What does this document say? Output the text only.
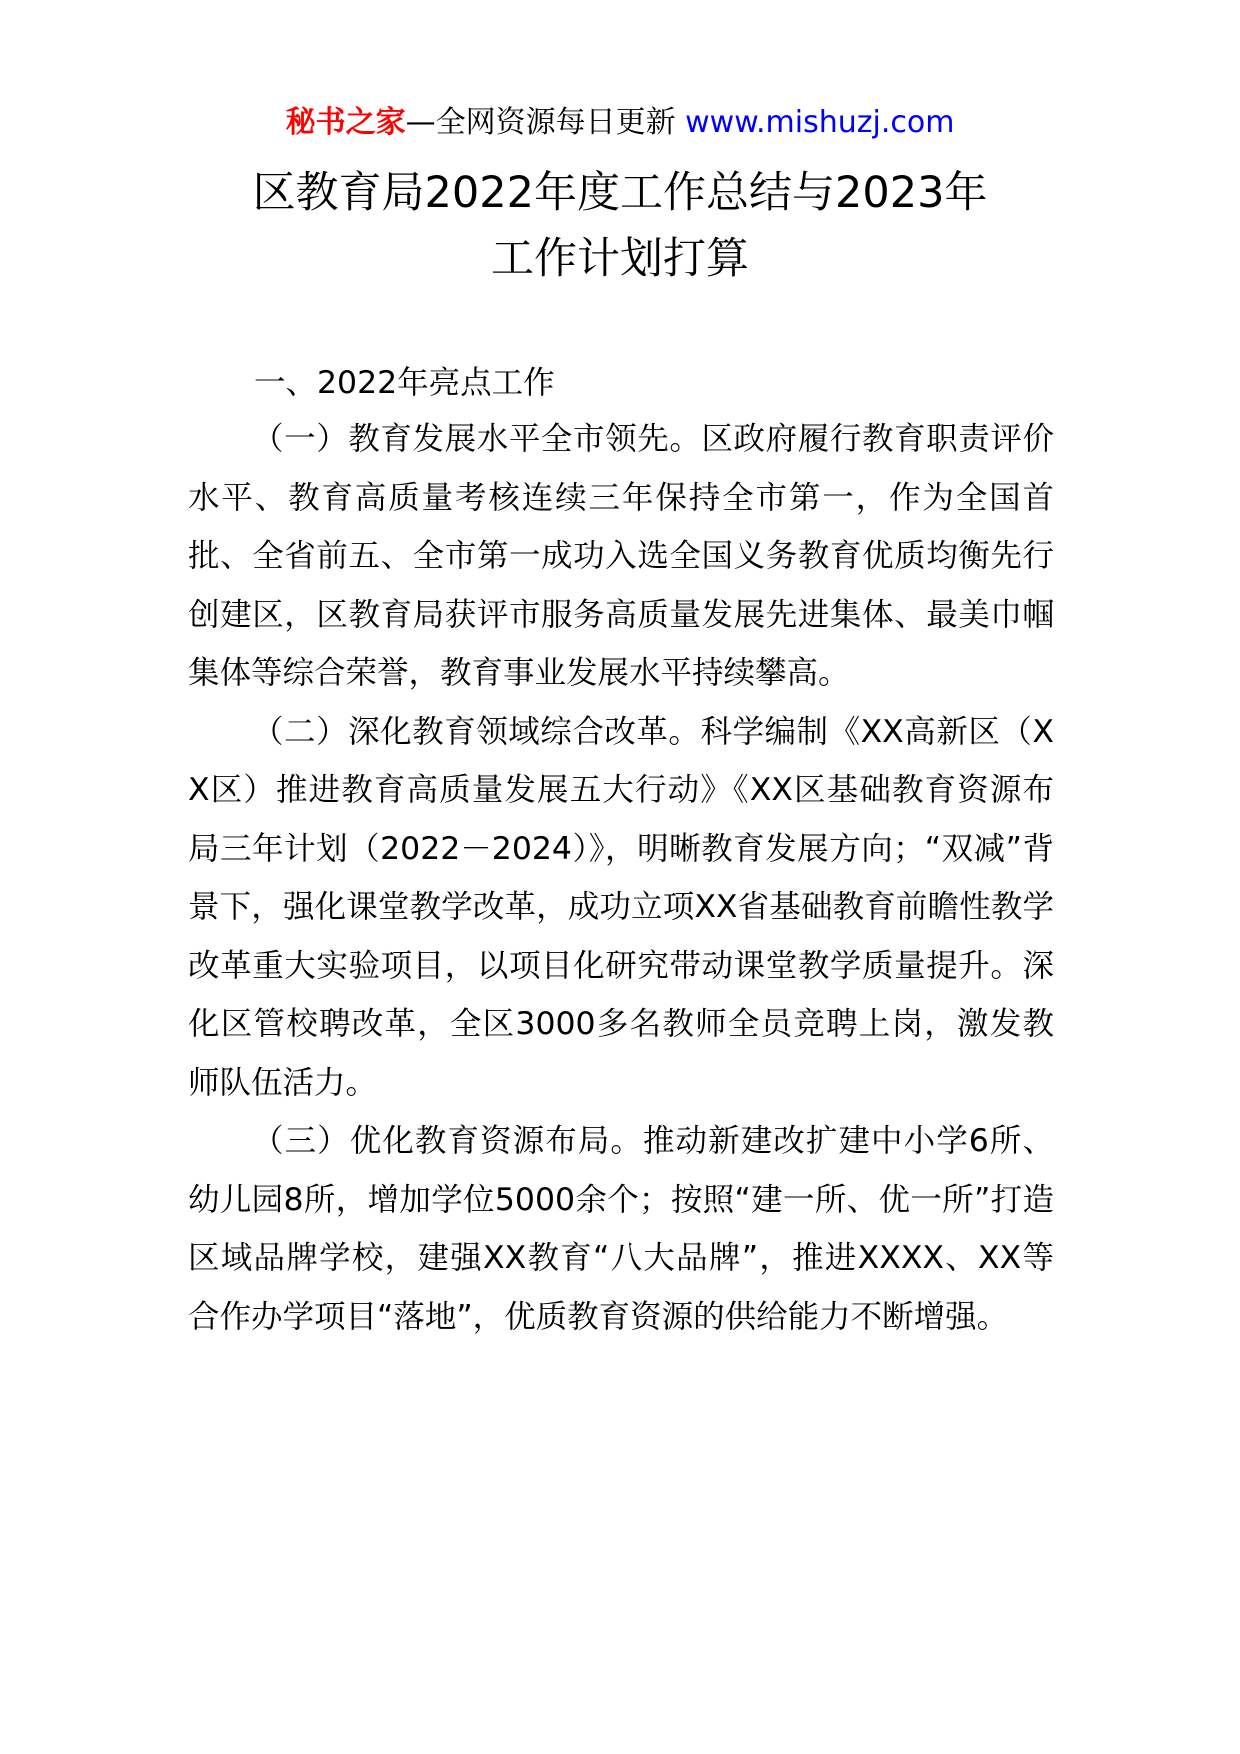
秘书之家—全网资源每日更新 www.mishuzj.com
区教育局2022年度工作总结与2023年
工作计划打算
一、2022年亮点工作

（一）教育发展水平全市领先。区政府履行教育职责评价水平、教育高质量考核连续三年保持全市第一，作为全国首批、全省前五、全市第一成功入选全国义务教育优质均衡先行创建区，区教育局获评市服务高质量发展先进集体、最美巾帼集体等综合荣誉，教育事业发展水平持续攀高。

（二）深化教育领域综合改革。科学编制《XX高新区（XX区）推进教育高质量发展五大行动》《XX区基础教育资源布局三年计划（2022－2024）》，明晰教育发展方向；“双减”背景下，强化课堂教学改革，成功立项XX省基础教育前瞻性教学改革重大实验项目，以项目化研究带动课堂教学质量提升。深化区管校聘改革，全区3000多名教师全员竞聘上岗，激发教师队伍活力。

（三）优化教育资源布局。推动新建改扩建中小学6所、幼儿园8所，增加学位5000余个；按照“建一所、优一所”打造区域品牌学校，建强XX教育“八大品牌”，推进XXXX、XX等合作办学项目“落地”，优质教育资源的供给能力不断增强。
